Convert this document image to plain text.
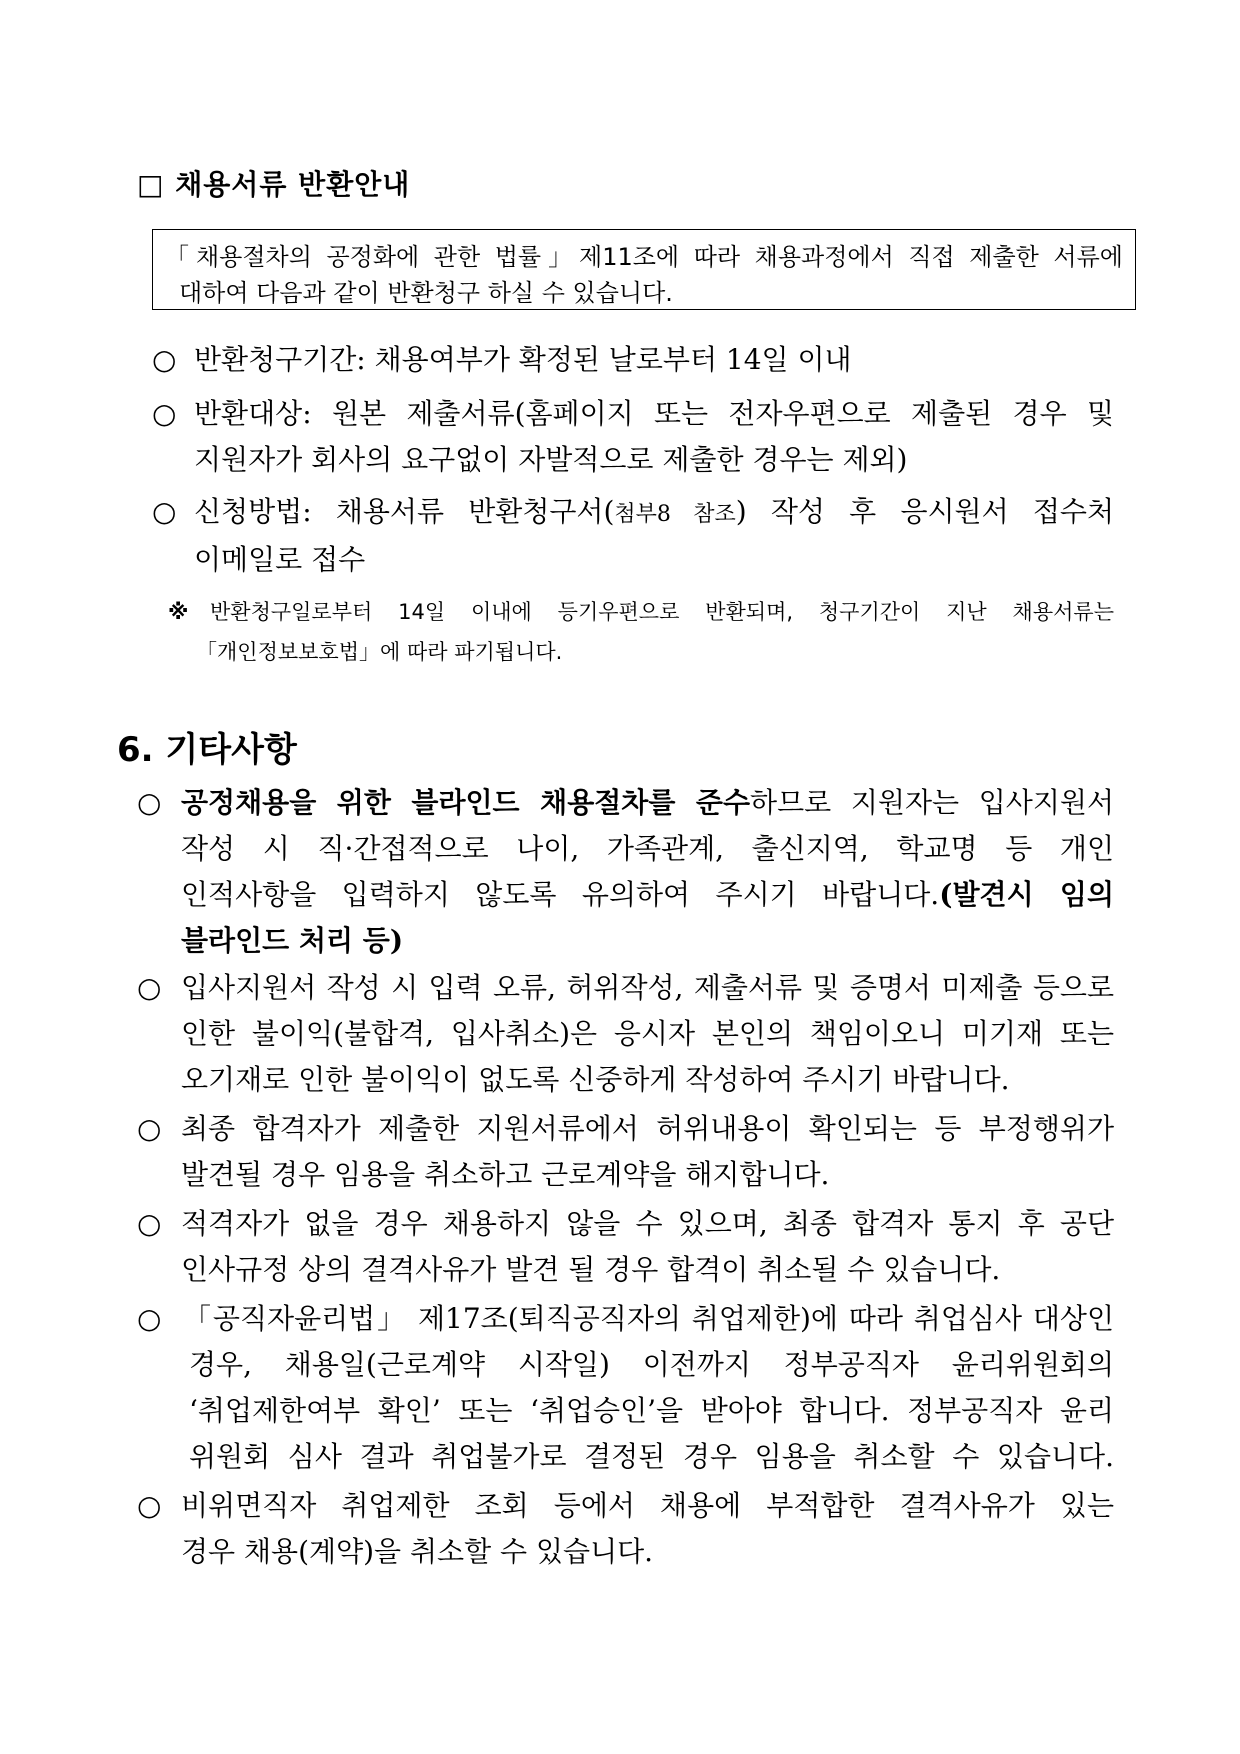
□ 채용서류 반환안내
「채용절차의 공정화에 관한 법률」제11조에 따라 채용과정에서 직접 제출한 서류에
대하여 다음과 같이 반환청구 하실 수 있습니다.
○ 반환청구기간: 채용여부가 확정된 날로부터 14일 이내
○ 반환대상: 원본 제출서류(홈페이지 또는 전자우편으로 제출된 경우 및
지원자가 회사의 요구없이 자발적으로 제출한 경우는 제외)
○ 신청방법: 채용서류 반환청구서(첨부8 참조) 작성 후 응시원서 접수처
이메일로 접수
※ 반환청구일로부터 14일 이내에 등기우편으로 반환되며, 청구기간이 지난 채용서류는
「개인정보보호법」에 따라 파기됩니다.
6. 기타사항
○ 공정채용을 위한 블라인드 채용절차를 준수하므로 지원자는 입사지원서
작성 시 직·간접적으로 나이, 가족관계, 출신지역, 학교명 등 개인
인적사항을 입력하지 않도록 유의하여 주시기 바랍니다.(발견시 임의
블라인드 처리 등)
○ 입사지원서 작성 시 입력 오류, 허위작성, 제출서류 및 증명서 미제출 등으로
인한 불이익(불합격, 입사취소)은 응시자 본인의 책임이오니 미기재 또는
오기재로 인한 불이익이 없도록 신중하게 작성하여 주시기 바랍니다.
○ 최종 합격자가 제출한 지원서류에서 허위내용이 확인되는 등 부정행위가
발견될 경우 임용을 취소하고 근로계약을 해지합니다.
○ 적격자가 없을 경우 채용하지 않을 수 있으며, 최종 합격자 통지 후 공단
인사규정 상의 결격사유가 발견 될 경우 합격이 취소될 수 있습니다.
○ 「공직자윤리법」 제17조(퇴직공직자의 취업제한)에 따라 취업심사 대상인
경우, 채용일(근로계약 시작일) 이전까지 정부공직자 윤리위원회의
‘취업제한여부 확인’ 또는 ‘취업승인’을 받아야 합니다. 정부공직자 윤리
위원회 심사 결과 취업불가로 결정된 경우 임용을 취소할 수 있습니다.
○ 비위면직자 취업제한 조회 등에서 채용에 부적합한 결격사유가 있는
경우 채용(계약)을 취소할 수 있습니다.
